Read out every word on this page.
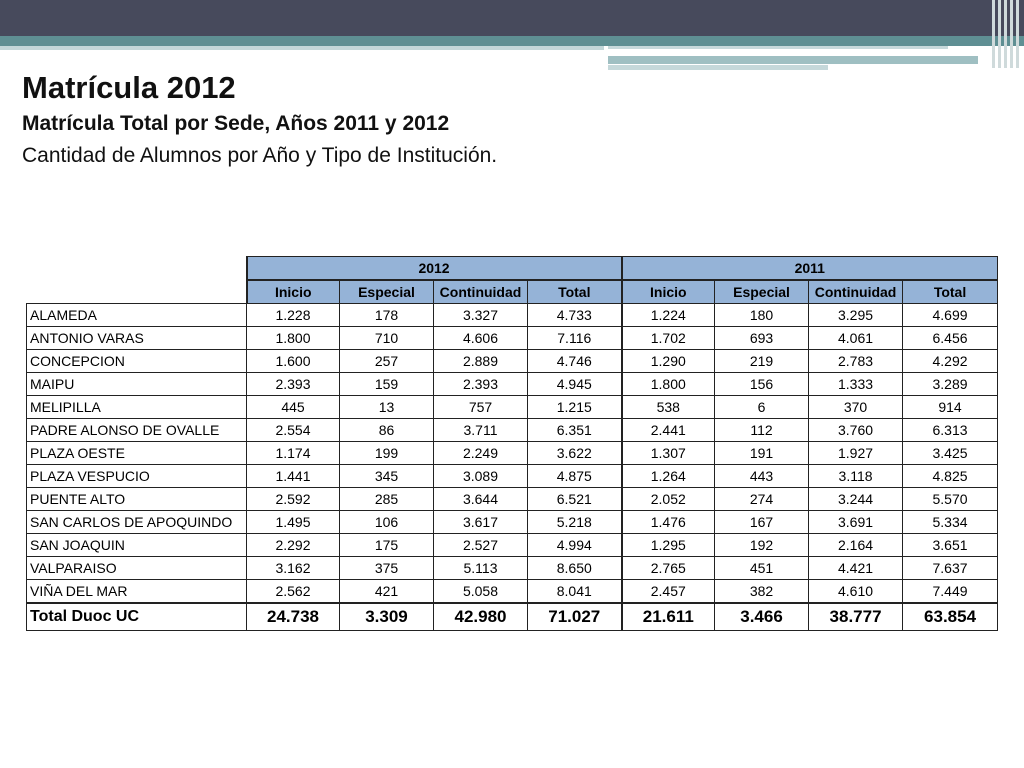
Matrícula 2012
Matrícula Total por Sede, Años 2011 y 2012
Cantidad de Alumnos por Año y Tipo de Institución.
	2012				2011			
	Inicio	Especial	Continuidad	Total	Inicio	Especial	Continuidad	Total
ALAMEDA	1.228	178	3.327	4.733	1.224	180	3.295	4.699
ANTONIO VARAS	1.800	710	4.606	7.116	1.702	693	4.061	6.456
CONCEPCION	1.600	257	2.889	4.746	1.290	219	2.783	4.292
MAIPU	2.393	159	2.393	4.945	1.800	156	1.333	3.289
MELIPILLA	445	13	757	1.215	538	6	370	914
PADRE ALONSO DE OVALLE	2.554	86	3.711	6.351	2.441	112	3.760	6.313
PLAZA OESTE	1.174	199	2.249	3.622	1.307	191	1.927	3.425
PLAZA VESPUCIO	1.441	345	3.089	4.875	1.264	443	3.118	4.825
PUENTE ALTO	2.592	285	3.644	6.521	2.052	274	3.244	5.570
SAN CARLOS DE APOQUINDO	1.495	106	3.617	5.218	1.476	167	3.691	5.334
SAN JOAQUIN	2.292	175	2.527	4.994	1.295	192	2.164	3.651
VALPARAISO	3.162	375	5.113	8.650	2.765	451	4.421	7.637
VIÑA DEL MAR	2.562	421	5.058	8.041	2.457	382	4.610	7.449
Total Duoc UC	24.738	3.309	42.980	71.027	21.611	3.466	38.777	63.854
